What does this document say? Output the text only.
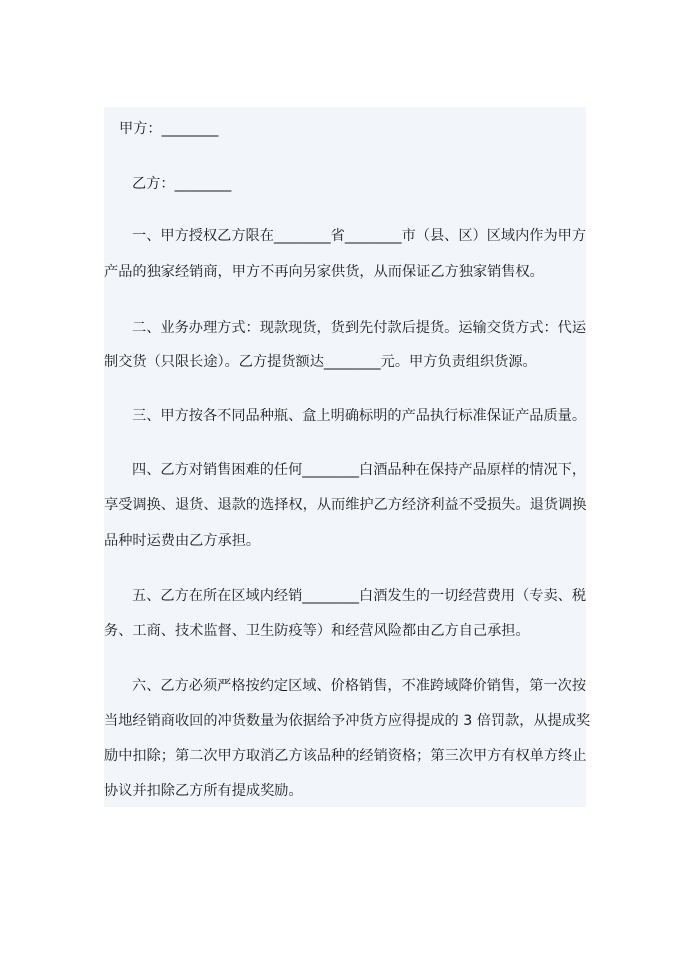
甲方：________
乙方：________
一、甲方授权乙方限在________省________市（县、区）区域内作为甲方
产品的独家经销商，甲方不再向另家供货，从而保证乙方独家销售权。
二、业务办理方式：现款现货，货到先付款后提货。运输交货方式：代运
制交货（只限长途）。乙方提货额达________元。甲方负责组织货源。
三、甲方按各不同品种瓶、盒上明确标明的产品执行标准保证产品质量。
四、乙方对销售困难的任何________白酒品种在保持产品原样的情况下，
享受调换、退货、退款的选择权，从而维护乙方经济利益不受损失。退货调换
品种时运费由乙方承担。
五、乙方在所在区域内经销________白酒发生的一切经营费用（专卖、税
务、工商、技术监督、卫生防疫等）和经营风险都由乙方自己承担。
六、乙方必须严格按约定区域、价格销售，不准跨域降价销售，第一次按
当地经销商收回的冲货数量为依据给予冲货方应得提成的 3 倍罚款，从提成奖
励中扣除；第二次甲方取消乙方该品种的经销资格；第三次甲方有权单方终止
协议并扣除乙方所有提成奖励。
